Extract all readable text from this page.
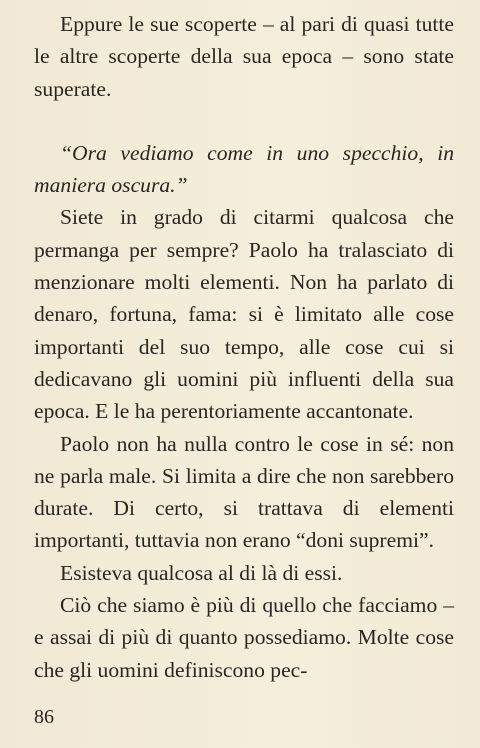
Eppure le sue scoperte – al pari di quasi tutte le altre scoperte della sua epoca – sono state superate.

“Ora vediamo come in uno specchio, in maniera oscura.”

Siete in grado di citarmi qualcosa che permanga per sempre? Paolo ha tralasciato di menzionare molti elementi. Non ha parlato di denaro, fortuna, fama: si è limitato alle cose importanti del suo tempo, alle cose cui si dedicavano gli uomini più influenti della sua epoca. E le ha perentoriamente accantonate.

Paolo non ha nulla contro le cose in sé: non ne parla male. Si limita a dire che non sarebbero durate. Di certo, si trattava di elementi importanti, tuttavia non erano “doni supremi”.

Esisteva qualcosa al di là di essi.

Ciò che siamo è più di quello che facciamo – e assai di più di quanto possediamo. Molte cose che gli uomini definiscono pec-

86
